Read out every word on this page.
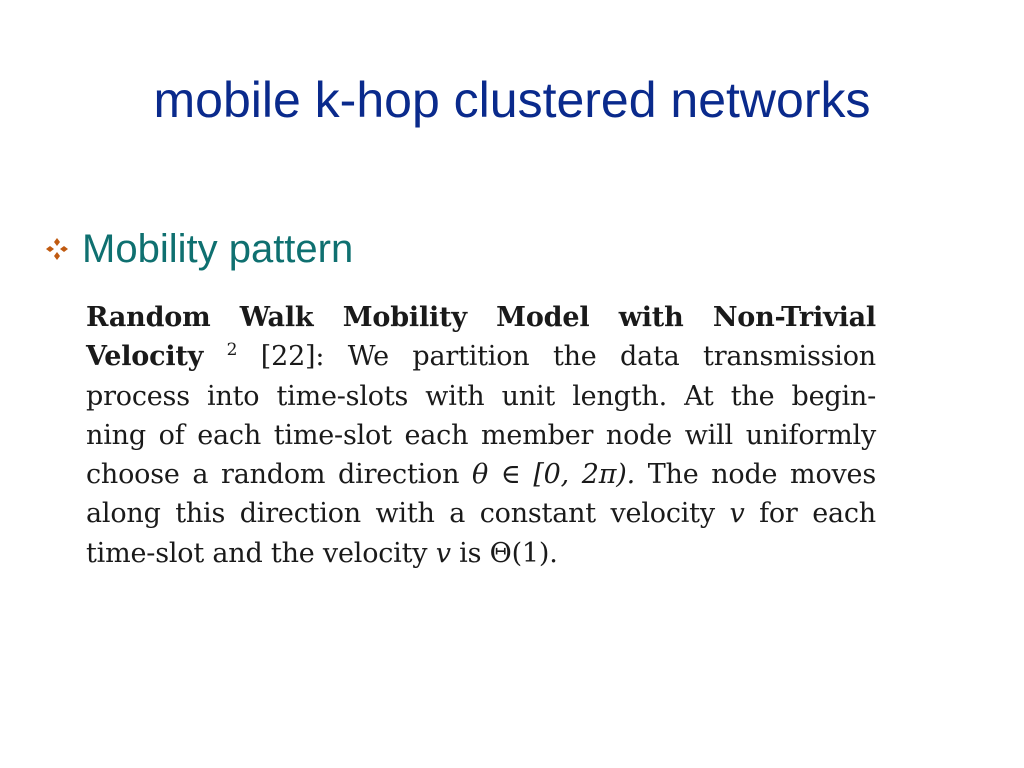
mobile k-hop clustered networks
Mobility pattern
Random Walk Mobility Model with Non-Trivial
Velocity $^2$ [22]: We partition the data transmission
process into time-slots with unit length. At the begin-
ning of each time-slot each member node will uniformly
choose a random direction θ ∈ [0, 2π). The node moves
along this direction with a constant velocity v for each
time-slot and the velocity v is Θ(1).
